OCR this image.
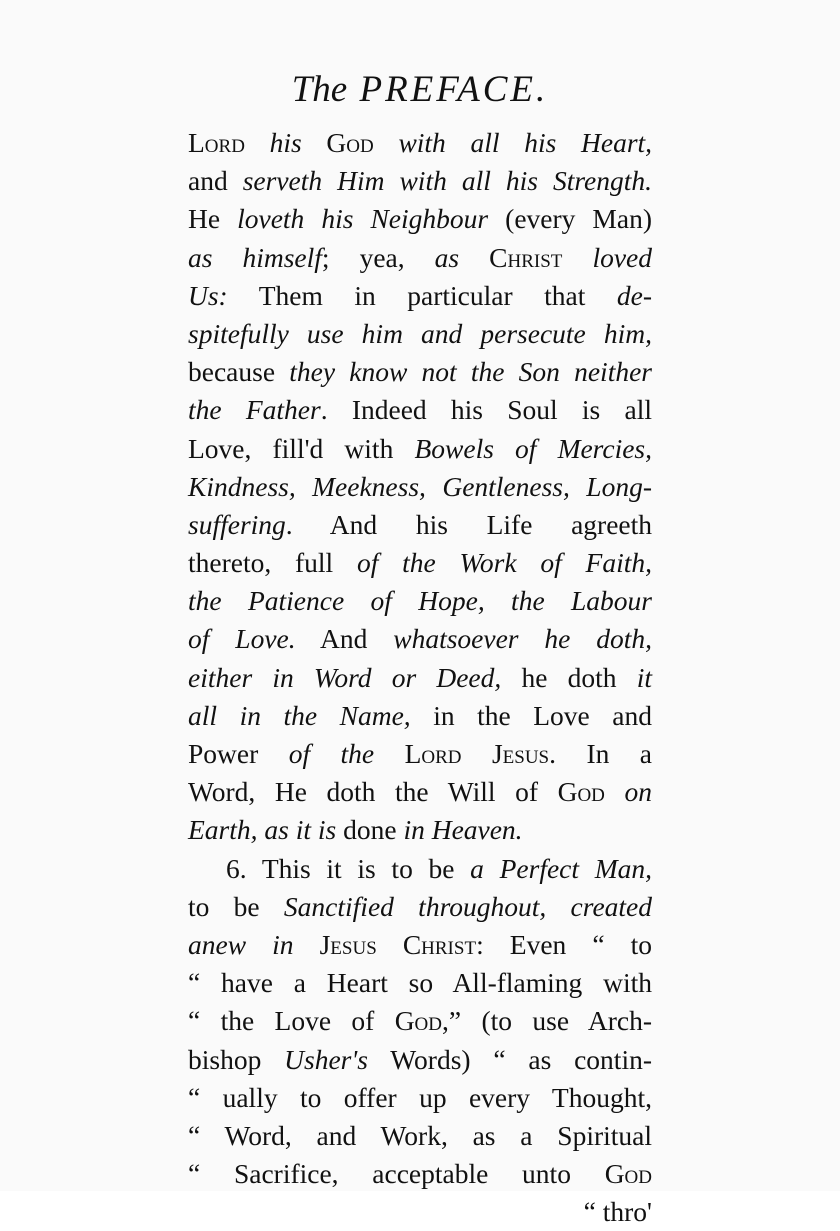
The PREFACE.
Lord his God with all his Heart,
and serveth Him with all his Strength.
He loveth his Neighbour (every Man)
as himself; yea, as Christ loved
Us: Them in particular that de-
spitefully use him and persecute him,
because they know not the Son neither
the Father. Indeed his Soul is all
Love, fill'd with Bowels of Mercies,
Kindness, Meekness, Gentleness, Long-
suffering. And his Life agreeth
thereto, full of the Work of Faith,
the Patience of Hope, the Labour
of Love. And whatsoever he doth,
either in Word or Deed, he doth it
all in the Name, in the Love and
Power of the Lord Jesus. In a
Word, He doth the Will of God on
Earth, as it is done in Heaven.
6. This it is to be a Perfect Man,
to be Sanctified throughout, created
anew in Jesus Christ: Even “ to
“ have a Heart so All-flaming with
“ the Love of God,” (to use Arch-
bishop Usher's Words) “ as contin-
“ ually to offer up every Thought,
“ Word, and Work, as a Spiritual
“ Sacrifice, acceptable unto God
“ thro'
